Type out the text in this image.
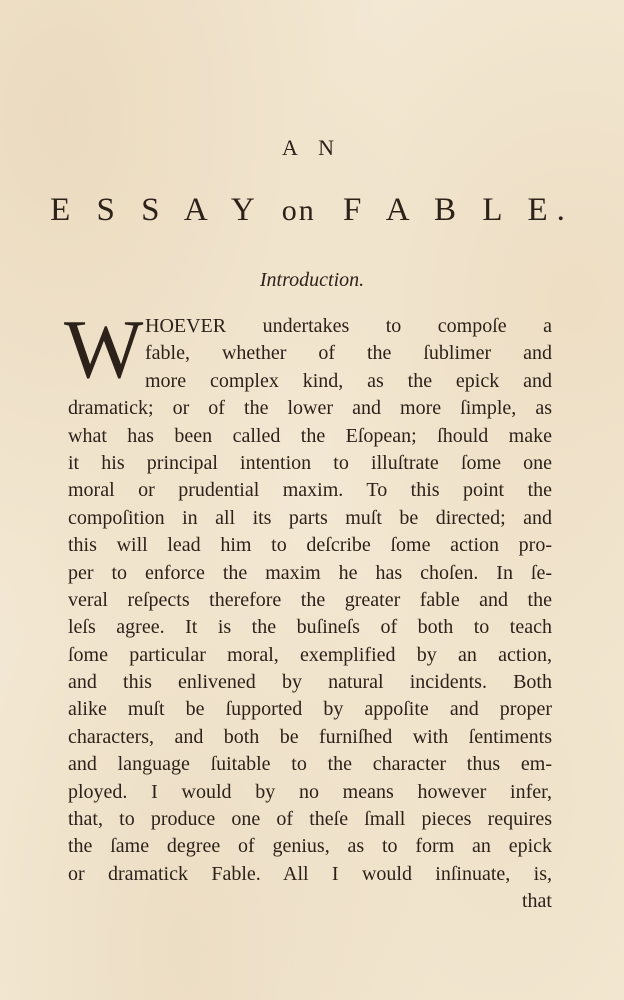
A N
E S S A Y on F A B L E.
Introduction.
W HOEVER undertakes to compoſe a
fable, whether of the ſublimer and
more complex kind, as the epick and
dramatick; or of the lower and more ſimple, as
what has been called the Eſopean; ſhould make
it his principal intention to illuſtrate ſome one
moral or prudential maxim. To this point the
compoſition in all its parts muſt be directed; and
this will lead him to deſcribe ſome action pro-
per to enforce the maxim he has choſen. In ſe-
veral reſpects therefore the greater fable and the
leſs agree. It is the buſineſs of both to teach
ſome particular moral, exemplified by an action,
and this enlivened by natural incidents. Both
alike muſt be ſupported by appoſite and proper
characters, and both be furniſhed with ſentiments
and language ſuitable to the character thus em-
ployed. I would by no means however infer,
that, to produce one of theſe ſmall pieces requires
the ſame degree of genius, as to form an epick
or dramatick Fable. All I would inſinuate, is,
that
